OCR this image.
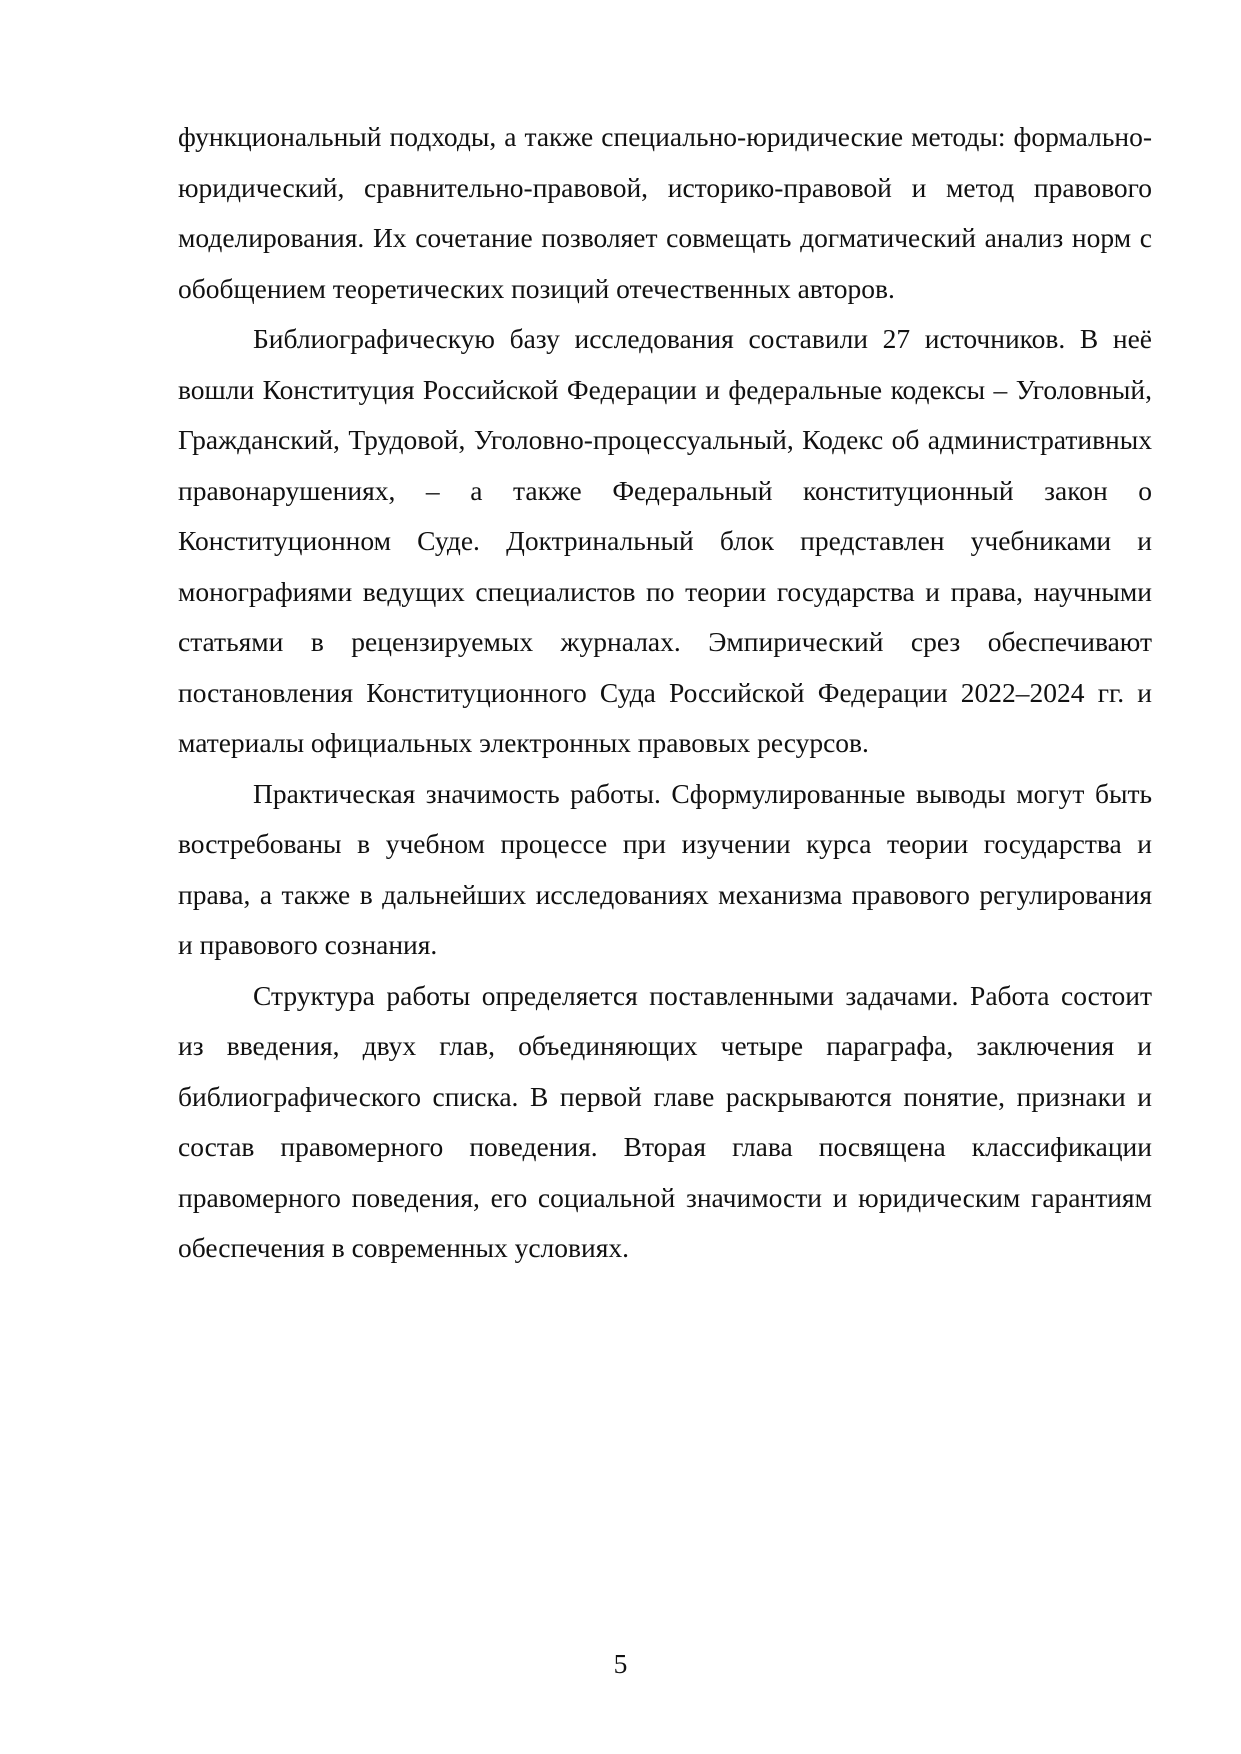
функциональный подходы, а также специально-юридические методы: формально-юридический, сравнительно-правовой, историко-правовой и метод правового моделирования. Их сочетание позволяет совмещать догматический анализ норм с обобщением теоретических позиций отечественных авторов.

Библиографическую базу исследования составили 27 источников. В неё вошли Конституция Российской Федерации и федеральные кодексы – Уголовный, Гражданский, Трудовой, Уголовно-процессуальный, Кодекс об административных правонарушениях, – а также Федеральный конституционный закон о Конституционном Суде. Доктринальный блок представлен учебниками и монографиями ведущих специалистов по теории государства и права, научными статьями в рецензируемых журналах. Эмпирический срез обеспечивают постановления Конституционного Суда Российской Федерации 2022–2024 гг. и материалы официальных электронных правовых ресурсов.

Практическая значимость работы. Сформулированные выводы могут быть востребованы в учебном процессе при изучении курса теории государства и права, а также в дальнейших исследованиях механизма правового регулирования и правового сознания.

Структура работы определяется поставленными задачами. Работа состоит из введения, двух глав, объединяющих четыре параграфа, заключения и библиографического списка. В первой главе раскрываются понятие, признаки и состав правомерного поведения. Вторая глава посвящена классификации правомерного поведения, его социальной значимости и юридическим гарантиям обеспечения в современных условиях.

5
